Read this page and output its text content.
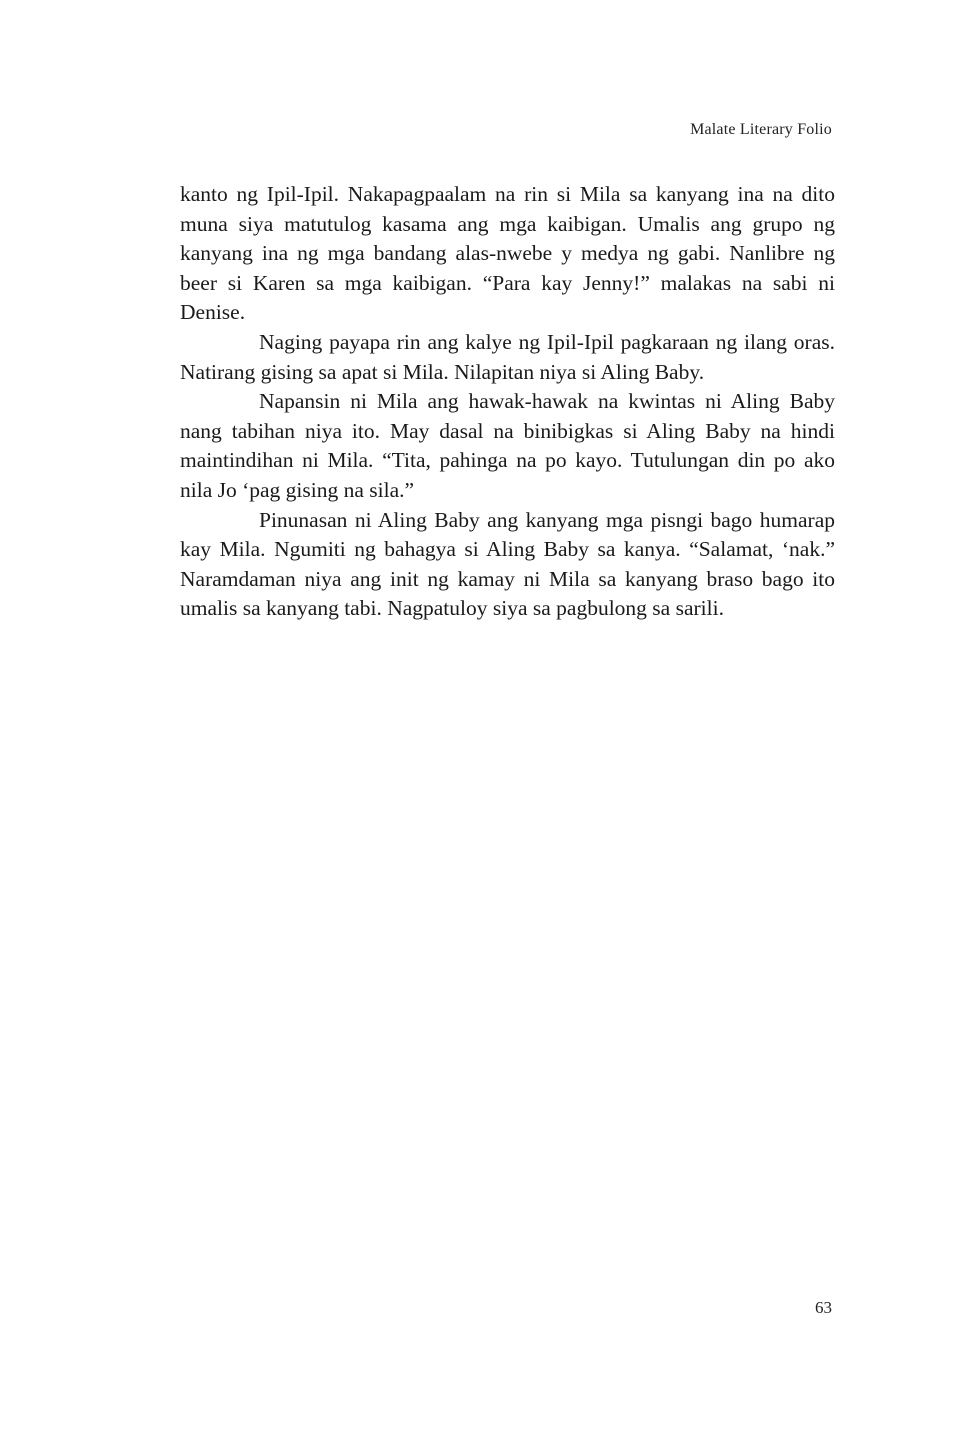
Malate Literary Folio

kanto ng Ipil-Ipil. Nakapagpaalam na rin si Mila sa kanyang ina na dito muna siya matutulog kasama ang mga kaibigan. Umalis ang grupo ng kanyang ina ng mga bandang alas-nwebe y medya ng gabi. Nanlibre ng beer si Karen sa mga kaibigan. “Para kay Jenny!” malakas na sabi ni Denise.

Naging payapa rin ang kalye ng Ipil-Ipil pagkaraan ng ilang oras. Natirang gising sa apat si Mila. Nilapitan niya si Aling Baby.

Napansin ni Mila ang hawak-hawak na kwintas ni Aling Baby nang tabihan niya ito. May dasal na binibigkas si Aling Baby na hindi maintindihan ni Mila. “Tita, pahinga na po kayo. Tutulungan din po ako nila Jo ‘pag gising na sila.”

Pinunasan ni Aling Baby ang kanyang mga pisngi bago humarap kay Mila. Ngumiti ng bahagya si Aling Baby sa kanya. “Salamat, ‘nak.” Naramdaman niya ang init ng kamay ni Mila sa kanyang braso bago ito umalis sa kanyang tabi. Nagpatuloy siya sa pagbulong sa sarili.

63
